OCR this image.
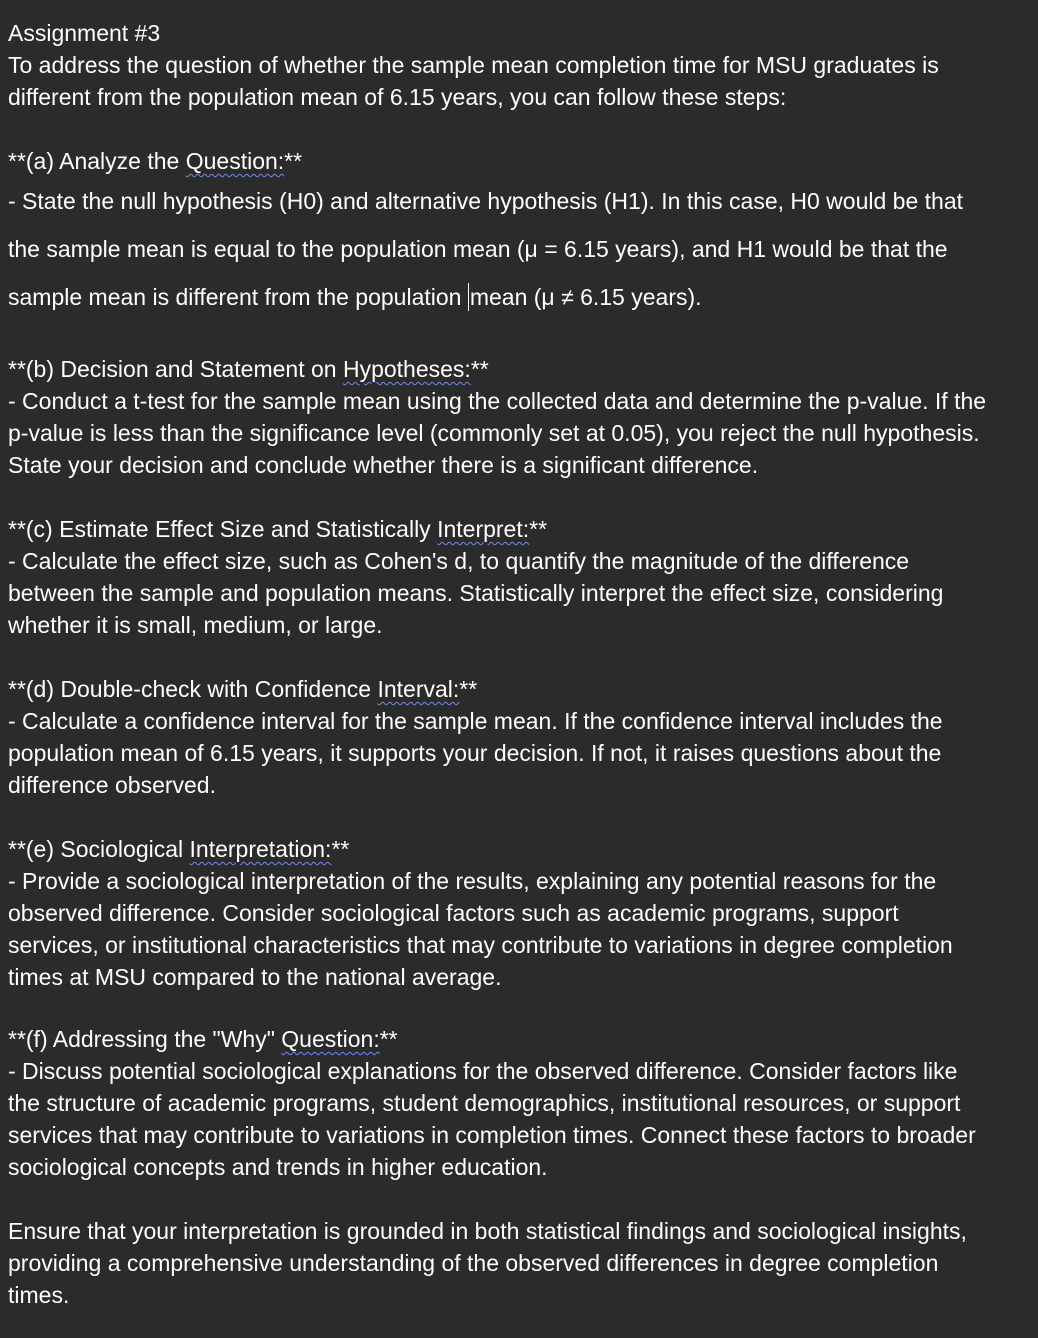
Assignment #3
To address the question of whether the sample mean completion time for MSU graduates is
different from the population mean of 6.15 years, you can follow these steps:
**(a) Analyze the Question:**
- State the null hypothesis (H0) and alternative hypothesis (H1). In this case, H0 would be that
the sample mean is equal to the population mean (μ = 6.15 years), and H1 would be that the
sample mean is different from the population mean (μ ≠ 6.15 years).
**(b) Decision and Statement on Hypotheses:**
- Conduct a t-test for the sample mean using the collected data and determine the p-value. If the
p-value is less than the significance level (commonly set at 0.05), you reject the null hypothesis.
State your decision and conclude whether there is a significant difference.
**(c) Estimate Effect Size and Statistically Interpret:**
- Calculate the effect size, such as Cohen's d, to quantify the magnitude of the difference
between the sample and population means. Statistically interpret the effect size, considering
whether it is small, medium, or large.
**(d) Double-check with Confidence Interval:**
- Calculate a confidence interval for the sample mean. If the confidence interval includes the
population mean of 6.15 years, it supports your decision. If not, it raises questions about the
difference observed.
**(e) Sociological Interpretation:**
- Provide a sociological interpretation of the results, explaining any potential reasons for the
observed difference. Consider sociological factors such as academic programs, support
services, or institutional characteristics that may contribute to variations in degree completion
times at MSU compared to the national average.
**(f) Addressing the "Why" Question:**
- Discuss potential sociological explanations for the observed difference. Consider factors like
the structure of academic programs, student demographics, institutional resources, or support
services that may contribute to variations in completion times. Connect these factors to broader
sociological concepts and trends in higher education.
Ensure that your interpretation is grounded in both statistical findings and sociological insights,
providing a comprehensive understanding of the observed differences in degree completion
times.
